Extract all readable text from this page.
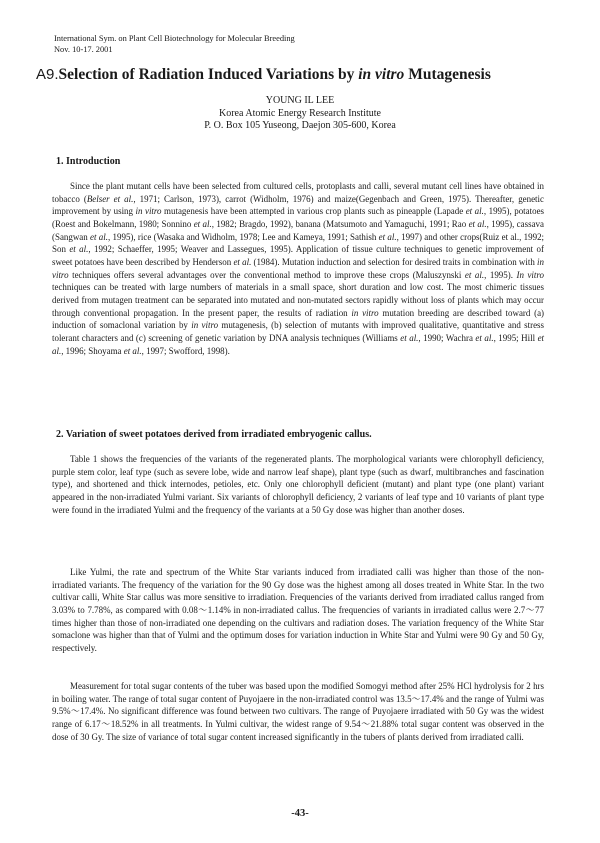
International Sym. on Plant Cell Biotechnology for Molecular Breeding
Nov. 10-17. 2001
A9.Selection of Radiation Induced Variations by in vitro Mutagenesis
YOUNG IL LEE
Korea Atomic Energy Research Institute
P. O. Box 105 Yuseong, Daejon 305-600, Korea
1. Introduction

Since the plant mutant cells have been selected from cultured cells, protoplasts and calli, several mutant cell lines have obtained in tobacco (Belser et al., 1971; Carlson, 1973), carrot (Widholm, 1976) and maize(Gegenbach and Green, 1975). Thereafter, genetic improvement by using in vitro mutagenesis have been attempted in various crop plants such as pineapple (Lapade et al., 1995), potatoes (Roest and Bokelmann, 1980; Sonnino et al., 1982; Bragdo, 1992), banana (Matsumoto and Yamaguchi, 1991; Rao et al., 1995), cassava (Sangwan et al., 1995), rice (Wasaka and Widholm, 1978; Lee and Kameya, 1991; Sathish et al., 1997) and other crops(Ruiz et al., 1992; Son et al., 1992; Schaeffer, 1995; Weaver and Lassegues, 1995). Application of tissue culture techniques to genetic improvement of sweet potatoes have been described by Henderson et al. (1984). Mutation induction and selection for desired traits in combination with in vitro techniques offers several advantages over the conventional method to improve these crops (Maluszynski et al., 1995). In vitro techniques can be treated with large numbers of materials in a small space, short duration and low cost. The most chimeric tissues derived from mutagen treatment can be separated into mutated and non-mutated sectors rapidly without loss of plants which may occur through conventional propagation. In the present paper, the results of radiation in vitro mutation breeding are described toward (a) induction of somaclonal variation by in vitro mutagenesis, (b) selection of mutants with improved qualitative, quantitative and stress tolerant characters and (c) screening of genetic variation by DNA analysis techniques (Williams et al., 1990; Wachra et al., 1995; Hill et al., 1996; Shoyama et al., 1997; Swofford, 1998).

2. Variation of sweet potatoes derived from irradiated embryogenic callus.

Table 1 shows the frequencies of the variants of the regenerated plants. The morphological variants were chlorophyll deficiency, purple stem color, leaf type (such as severe lobe, wide and narrow leaf shape), plant type (such as dwarf, multibranches and fascination type), and shortened and thick internodes, petioles, etc. Only one chlorophyll deficient (mutant) and plant type (one plant) variant appeared in the non-irradiated Yulmi variant. Six variants of chlorophyll deficiency, 2 variants of leaf type and 10 variants of plant type were found in the irradiated Yulmi and the frequency of the variants at a 50 Gy dose was higher than another doses.

Like Yulmi, the rate and spectrum of the White Star variants induced from irradiated calli was higher than those of the non-irradiated variants. The frequency of the variation for the 90 Gy dose was the highest among all doses treated in White Star. In the two cultivar calli, White Star callus was more sensitive to irradiation. Frequencies of the variants derived from irradiated callus ranged from 3.03% to 7.78%, as compared with 0.08～1.14% in non-irradiated callus. The frequencies of variants in irradiated callus were 2.7～77 times higher than those of non-irradiated one depending on the cultivars and radiation doses. The variation frequency of the White Star somaclone was higher than that of Yulmi and the optimum doses for variation induction in White Star and Yulmi were 90 Gy and 50 Gy, respectively.

Measurement for total sugar contents of the tuber was based upon the modified Somogyi method after 25% HCl hydrolysis for 2 hrs in boiling water. The range of total sugar content of Puyojaere in the non-irradiated control was 13.5～17.4% and the range of Yulmi was 9.5%～17.4%. No significant difference was found between two cultivars. The range of Puyojaere irradiated with 50 Gy was the widest range of 6.17～18.52% in all treatments. In Yulmi cultivar, the widest range of 9.54～21.88% total sugar content was observed in the dose of 30 Gy. The size of variance of total sugar content increased significantly in the tubers of plants derived from irradiated calli.

-43-
